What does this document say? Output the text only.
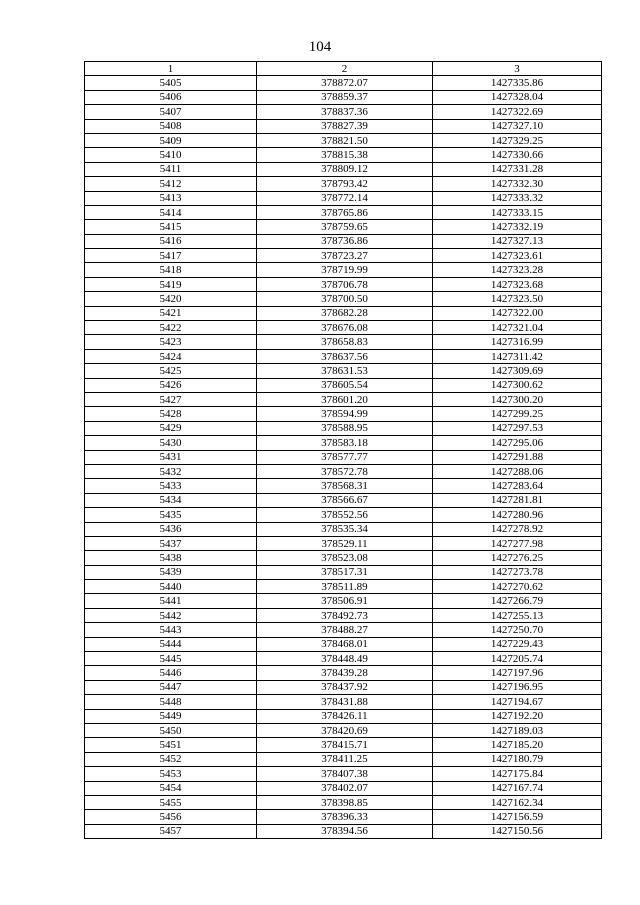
104
1	2	3
5405	378872.07	1427335.86
5406	378859.37	1427328.04
5407	378837.36	1427322.69
5408	378827.39	1427327.10
5409	378821.50	1427329.25
5410	378815.38	1427330.66
5411	378809.12	1427331.28
5412	378793.42	1427332.30
5413	378772.14	1427333.32
5414	378765.86	1427333.15
5415	378759.65	1427332.19
5416	378736.86	1427327.13
5417	378723.27	1427323.61
5418	378719.99	1427323.28
5419	378706.78	1427323.68
5420	378700.50	1427323.50
5421	378682.28	1427322.00
5422	378676.08	1427321.04
5423	378658.83	1427316.99
5424	378637.56	1427311.42
5425	378631.53	1427309.69
5426	378605.54	1427300.62
5427	378601.20	1427300.20
5428	378594.99	1427299.25
5429	378588.95	1427297.53
5430	378583.18	1427295.06
5431	378577.77	1427291.88
5432	378572.78	1427288.06
5433	378568.31	1427283.64
5434	378566.67	1427281.81
5435	378552.56	1427280.96
5436	378535.34	1427278.92
5437	378529.11	1427277.98
5438	378523.08	1427276.25
5439	378517.31	1427273.78
5440	378511.89	1427270.62
5441	378506.91	1427266.79
5442	378492.73	1427255.13
5443	378488.27	1427250.70
5444	378468.01	1427229.43
5445	378448.49	1427205.74
5446	378439.28	1427197.96
5447	378437.92	1427196.95
5448	378431.88	1427194.67
5449	378426.11	1427192.20
5450	378420.69	1427189.03
5451	378415.71	1427185.20
5452	378411.25	1427180.79
5453	378407.38	1427175.84
5454	378402.07	1427167.74
5455	378398.85	1427162.34
5456	378396.33	1427156.59
5457	378394.56	1427150.56
